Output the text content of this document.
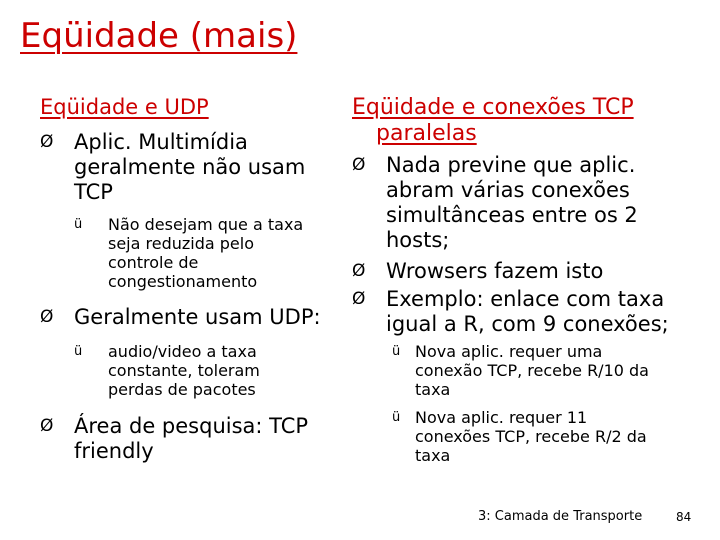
Eqüidade (mais)
Eqüidade e UDP
Ø Aplic. Multimídia geralmente não usam TCP
ü	Não desejam que a taxa seja reduzida pelo controle de congestionamento
Ø Geralmente usam UDP:
ü	audio/video a taxa constante, toleram perdas de pacotes
Ø Área de pesquisa: TCP friendly
Eqüidade e conexões TCP
paralelas
Ø Nada previne que aplic. abram várias conexões simultânceas entre os 2 hosts;
Ø Wrowsers fazem isto
Ø Exemplo: enlace com taxa igual a R, com 9 conexões;
ü Nova aplic. requer uma conexão TCP, recebe R/10 da taxa
ü Nova aplic. requer 11 conexões TCP, recebe R/2 da taxa
3: Camada de Transporte	84
